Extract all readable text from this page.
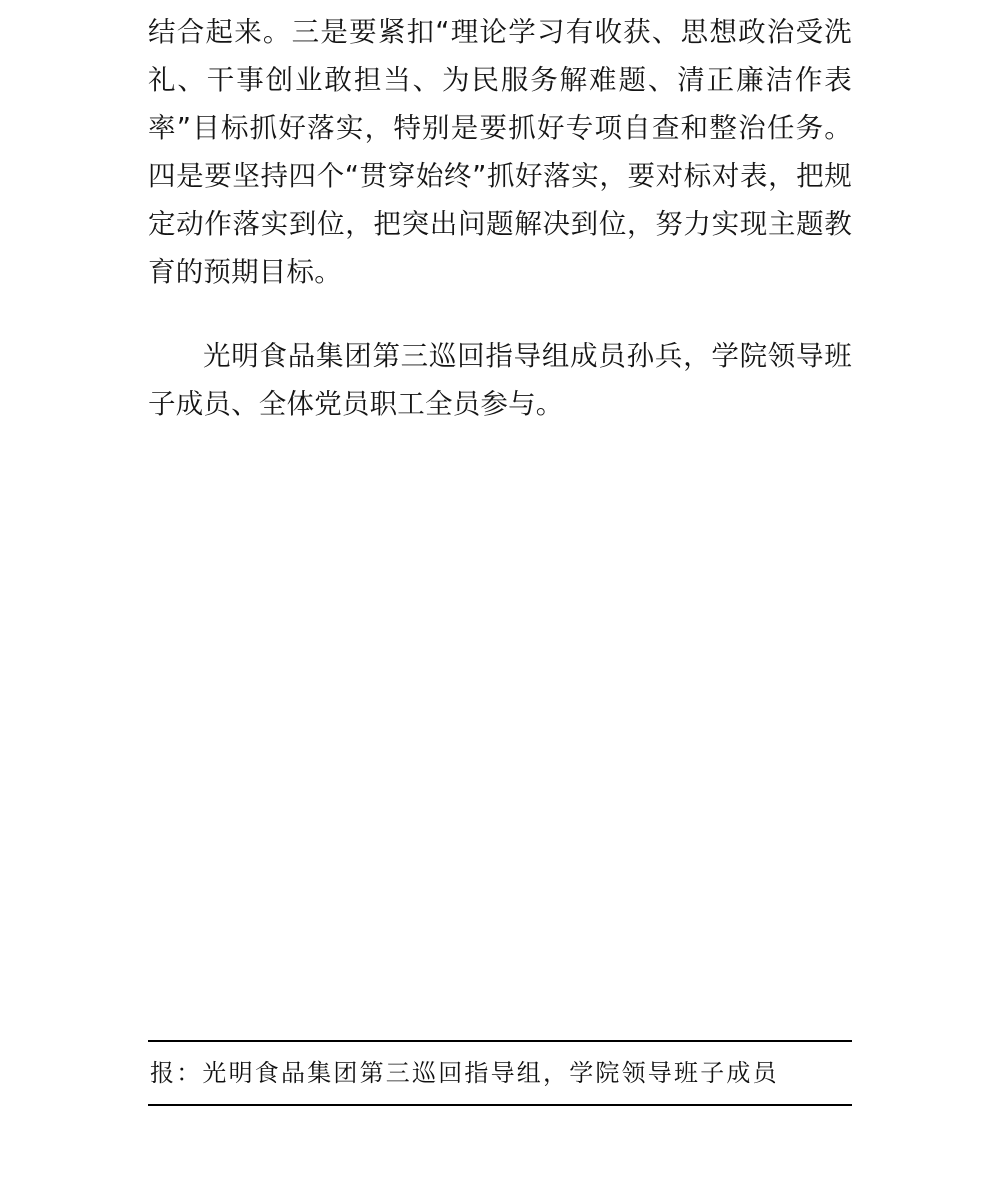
结合起来。三是要紧扣“理论学习有收获、思想政治受洗礼、干事创业敢担当、为民服务解难题、清正廉洁作表率”目标抓好落实，特别是要抓好专项自查和整治任务。四是要坚持四个“贯穿始终”抓好落实，要对标对表，把规定动作落实到位，把突出问题解决到位，努力实现主题教育的预期目标。

光明食品集团第三巡回指导组成员孙兵，学院领导班子成员、全体党员职工全员参与。

报：光明食品集团第三巡回指导组，学院领导班子成员
